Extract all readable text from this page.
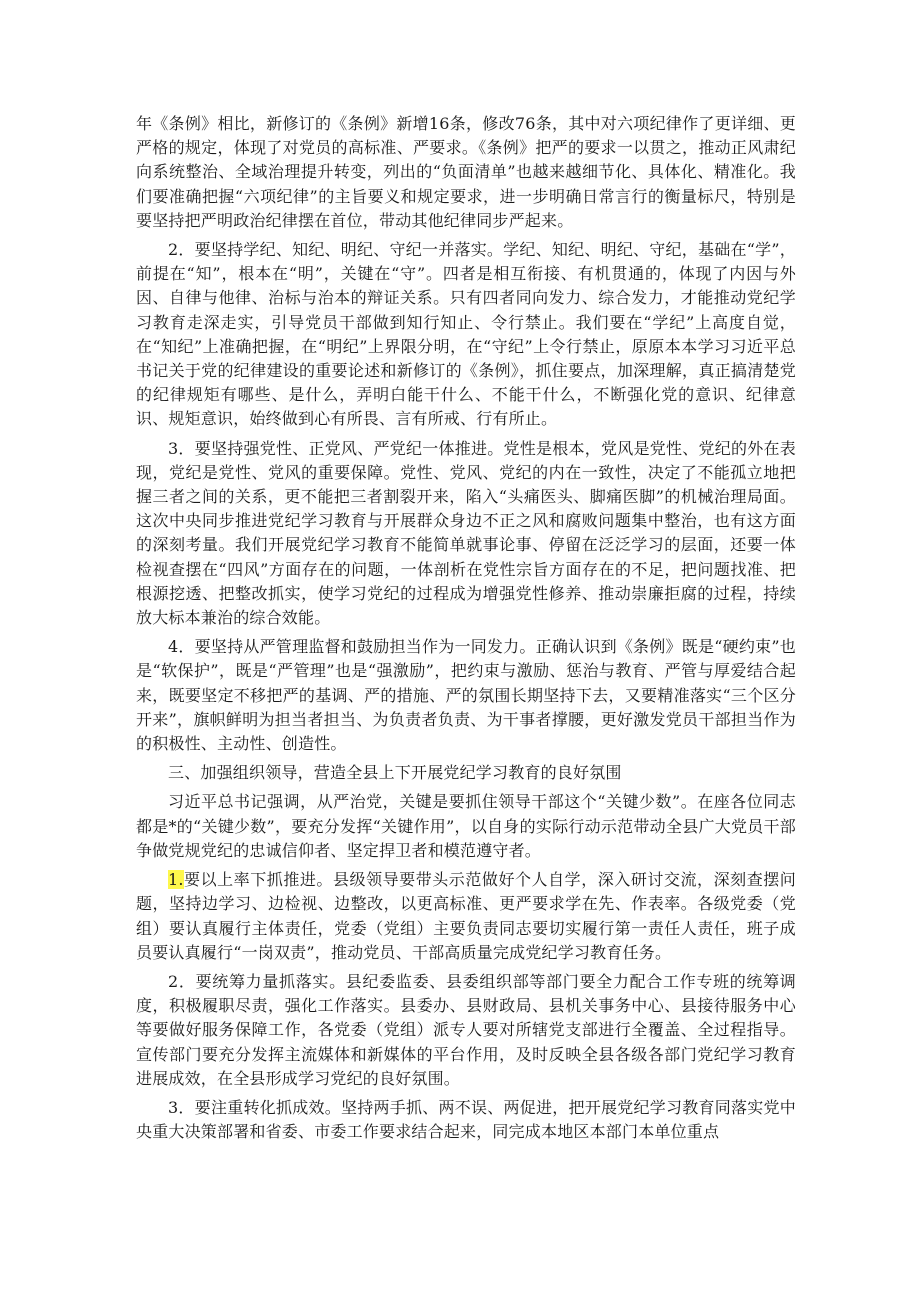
年《条例》相比，新修订的《条例》新增16条，修改76条，其中对六项纪律作了更详细、更严格的规定，体现了对党员的高标准、严要求。《条例》把严的要求一以贯之，推动正风肃纪向系统整治、全域治理提升转变，列出的“负面清单”也越来越细节化、具体化、精准化。我们要准确把握“六项纪律”的主旨要义和规定要求，进一步明确日常言行的衡量标尺，特别是要坚持把严明政治纪律摆在首位，带动其他纪律同步严起来。

2．要坚持学纪、知纪、明纪、守纪一并落实。学纪、知纪、明纪、守纪，基础在“学”，前提在“知”，根本在“明”，关键在“守”。四者是相互衔接、有机贯通的，体现了内因与外因、自律与他律、治标与治本的辩证关系。只有四者同向发力、综合发力，才能推动党纪学习教育走深走实，引导党员干部做到知行知止、令行禁止。我们要在“学纪”上高度自觉，在“知纪”上准确把握，在“明纪”上界限分明，在“守纪”上令行禁止，原原本本学习习近平总书记关于党的纪律建设的重要论述和新修订的《条例》，抓住要点，加深理解，真正搞清楚党的纪律规矩有哪些、是什么，弄明白能干什么、不能干什么，不断强化党的意识、纪律意识、规矩意识，始终做到心有所畏、言有所戒、行有所止。

3．要坚持强党性、正党风、严党纪一体推进。党性是根本，党风是党性、党纪的外在表现，党纪是党性、党风的重要保障。党性、党风、党纪的内在一致性，决定了不能孤立地把握三者之间的关系，更不能把三者割裂开来，陷入“头痛医头、脚痛医脚”的机械治理局面。这次中央同步推进党纪学习教育与开展群众身边不正之风和腐败问题集中整治，也有这方面的深刻考量。我们开展党纪学习教育不能简单就事论事、停留在泛泛学习的层面，还要一体检视查摆在“四风”方面存在的问题，一体剖析在党性宗旨方面存在的不足，把问题找准、把根源挖透、把整改抓实，使学习党纪的过程成为增强党性修养、推动崇廉拒腐的过程，持续放大标本兼治的综合效能。

4．要坚持从严管理监督和鼓励担当作为一同发力。正确认识到《条例》既是“硬约束”也是“软保护”，既是“严管理”也是“强激励”，把约束与激励、惩治与教育、严管与厚爱结合起来，既要坚定不移把严的基调、严的措施、严的氛围长期坚持下去，又要精准落实“三个区分开来”，旗帜鲜明为担当者担当、为负责者负责、为干事者撑腰，更好激发党员干部担当作为的积极性、主动性、创造性。

三、加强组织领导，营造全县上下开展党纪学习教育的良好氛围

习近平总书记强调，从严治党，关键是要抓住领导干部这个“关键少数”。在座各位同志都是*的“关键少数”，要充分发挥“关键作用”，以自身的实际行动示范带动全县广大党员干部争做党规党纪的忠诚信仰者、坚定捍卫者和模范遵守者。

1.要以上率下抓推进。县级领导要带头示范做好个人自学，深入研讨交流，深刻查摆问题，坚持边学习、边检视、边整改，以更高标准、更严要求学在先、作表率。各级党委（党组）要认真履行主体责任，党委（党组）主要负责同志要切实履行第一责任人责任，班子成员要认真履行“一岗双责”，推动党员、干部高质量完成党纪学习教育任务。

2．要统筹力量抓落实。县纪委监委、县委组织部等部门要全力配合工作专班的统筹调度，积极履职尽责，强化工作落实。县委办、县财政局、县机关事务中心、县接待服务中心等要做好服务保障工作，各党委（党组）派专人要对所辖党支部进行全覆盖、全过程指导。宣传部门要充分发挥主流媒体和新媒体的平台作用，及时反映全县各级各部门党纪学习教育进展成效，在全县形成学习党纪的良好氛围。

3．要注重转化抓成效。坚持两手抓、两不误、两促进，把开展党纪学习教育同落实党中央重大决策部署和省委、市委工作要求结合起来，同完成本地区本部门本单位重点
